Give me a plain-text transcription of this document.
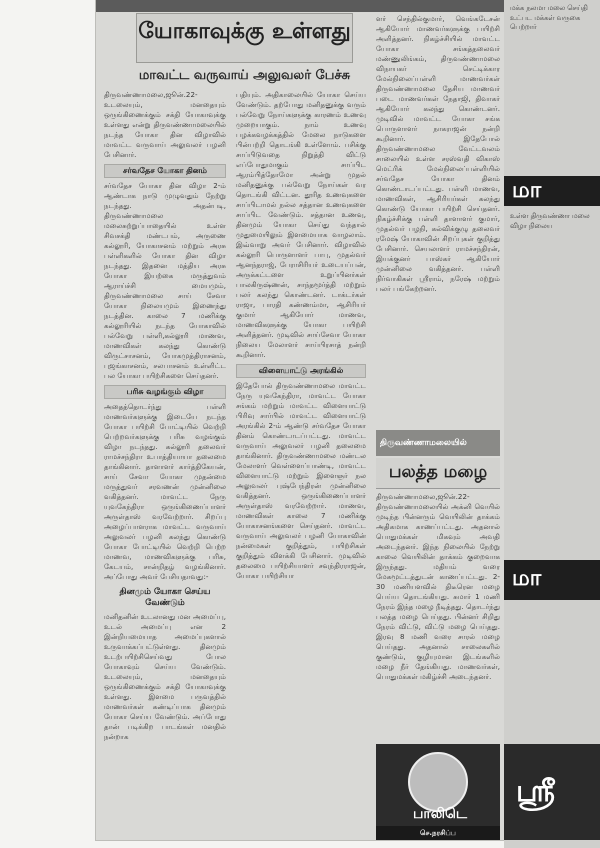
யோகாவுக்கு உள்ளது
மாவட்ட வருவாய் அலுவலர் பேச்சு

திருவண்ணாமலை,ஜூன்.22- உடலையும், மனதையும் ஒருங்கிணைக்கும் சக்தி யோகாவுக்கு உள்ளது என்று திருவண்ணாமலையில் நடந்த யோகா தின விழாவில் மாவட்ட வருவாய் அலுவலர் பழனி பேசினார்.

சர்வதேச யோகா தினம்

சர்வதேச யோகா தின விழா 2-ம் ஆண்டாக நாடு முழுவதும் நேற்று நடந்தது. அதன்படி, திருவண்ணாமலை மலைசுற்றுப்பாதையில் உள்ள சிவசக்தி மண்டபம், அருணை கல்லூரி, யோகாசனம் மற்றும் அரசு பள்ளிகளில் யோகா தின விழா நடந்தது. இதனை மத்திய அரசு யோகா இயற்கை மருத்துவம் ஆராய்ச்சி மையமும், திருவண்ணாமலை சாய் சேவா யோகா நிலையமும் இணைந்து நடத்தின. காலை 7 மணிக்கு கல்லூரியில் நடந்த யோகாவில் பல்வேறு பள்ளி,கல்லூரி மாணவ, மாணவிகள் கலந்து கொண்டு விருட்சாசனம், யோகமுத்திராசனம், புஜங்காசனம், சலபாசனம் உள்ளிட்ட பல யோகா பயிற்சிகளை செய்தனர்.

பரிசு வழங்கும் விழா

அதைத்தொடர்ந்து பள்ளி மாணவர்களுக்கு இடையே நடந்த யோகா பயிற்சி போட்டியில் வெற்றி பெற்றவர்களுக்கு பரிசு வழங்கும் விழா நடந்தது. கல்லூரி தலைவர் ராமச்சந்திரா உபாத்தியாயா தலைமை தாங்கினார். தாளாளர் கார்த்திகேயன், சாய் சேவா யோகா முதன்மை மருத்துவர் சரவணன் முன்னிலை வகித்தனர். மாவட்ட நேரு யுவகேந்திரா ஒருங்கிணைப்பாளர் அருள்தாஸ் வரவேற்றார். சிறப்பு அழைப்பாளராக மாவட்ட வருவாய் அலுவலர் பழனி கலந்து கொண்டு யோகா போட்டியில் வெற்றி பெற்ற மாணவ, மாணவிகளுக்கு பரிசு, கேடயம், சான்றிதழ் வழங்கினார். அப்போது அவர் பேசியதாவது:-

தினமும் யோகா செய்ய வேண்டும்

மனிதனின் உடலானது மன அமைப்பு, உடல் அமைப்பு என 2 இன்றியமையாத அமைப்புகளால் உருவாக்கப்பட்டுள்ளது. தினமும் உடற்பயிற்சிசெய்வது போல யோகாவும் செய்ய வேண்டும். உடலையும், மனதையும் ஒருங்கிணைக்கும் சக்தி யோகாவுக்கு உள்ளது. இளமை பருவத்தில் மாணவர்கள் கண்டிப்பாக தினமும் யோகா செய்ய வேண்டும். அப்போது தான் படிக்கிற பாடங்கள் மனதில் நன்றாக

பதியும். அதிகாலையில் யோகா செய்ய வேண்டும். தற்போது மனிதனுக்கு வரும் பல்வேறு நோய்களுக்கு காரணம் உணவு முறையாகும். நாம் உணவு பழக்கவழக்கத்தில் மேலை நாடுகளை பின்பற்றி தொடங்கி உள்ளோம். பசிக்கு சாப்பிடுவதை நிறுத்தி விட்டு எப்போதுமாகும் சாப்பிட ஆரம்பித்தோமோ அன்று முதல் மனிதனுக்கு பல்வேறு நோய்கள் வர தொடங்கி விட்டன. தூரித உணவுகளை சாப்பிடாமல் நல்ல சத்தான உணவுகளை சாப்பிட வேண்டும். சத்தான உணவு, தினமும் யோகா செய்து வந்தால் முதுமையிலும் இளமையாக வாழலாம். இவ்வாறு அவர் பேசினார். விழாவில் கல்லூரி பொருளாளர் பாபு, முதல்வர் ஆனந்தராஜ், பேராசிரியர் உடையப்பன், அருக்கட்டளை உறுப்பினர்கள் பாலகிருஷ்ணன், சாந்தமூர்த்தி மற்றும் பலர் கலந்து கொண்டனர். டாக்டர்கள் ராஜா, பாரதி கண்ணம்மா, ஆசிரியர் குமார் ஆகியோர் மாணவ, மாணவிகளுக்கு யோகா பயிற்சி அளித்தனர். முடிவில் சாய்சேவா யோகா நிலைய மேலாளர் சாய்பிரசாத் நன்றி கூறினார்.

விளையாட்டு அரங்கில்

இதேபோல் திருவண்ணாமலை மாவட்ட நேரு யுவகேந்திரா, மாவட்ட யோகா சங்கம் மற்றும் மாவட்ட விளையாட்டு பிரிவு சார்பில் மாவட்ட விளையாட்டு அரங்கில் 2-ம் ஆண்டு சர்வதேச யோகா தினம் கொண்டாடப்பட்டது. மாவட்ட வருவாய் அலுவலர் பழனி தலைமை தாங்கினார். திருவண்ணாமலை மண்டல மேலாளர் வெள்ளைப்பாண்டி, மாவட்ட விளையாட்டு மற்றும் இளைஞர் நல அலுவலர் புஷ்பேந்திரன் முன்னிலை வகித்தனர். ஒருங்கிணைப்பாளர் அருள்தாஸ் வரவேற்றார். மாணவ, மாணவிகள் காலை 7 மணிக்கு யோகாசனங்களை செய்தனர். மாவட்ட வருவாய் அலுவலர் பழனி யோகாவின் நன்மைகள் குறித்தும், பயிற்சிகள் குறித்தும் விளக்கி பேசினார். முடிவில் தலைமை பயிற்சியாளர் சவுந்திரராஜன், யோகா பயிற்சியா

ளர் செந்தில்குமார், வெங்கடேசன் ஆகியோர் மாணவர்களுக்கு பயிற்சி அளித்தனர். நிகழ்ச்சியில் மாவட்ட யோகா சங்கத்தலைவர் மண்ணுலிங்கம், திருவண்ணாமலை விநாயகர் செட்டிக்கார மேல்நிலைப்பள்ளி மாணவர்கள் திருவண்ணாமலை தேசிய மாணவர் படை மாணவர்கள் நேதாஜி, திவாகர் ஆகியோர் கலந்து கொண்டனர். முடிவில் மாவட்ட யோகா சங்க பொருளாளர் நாகராஜன் நன்றி கூறினார். இதேபோல் திருவண்ணாமலை வேட்டவலம் சாலையில் உள்ள சரஸ்வதி விகாஸ் மெட்ரிக் மேல்நிலைப்பள்ளியில் சர்வதேச யோகா தினம் கொண்டாடப்பட்டது. பள்ளி மாணவ, மாணவிகள், ஆசிரியர்கள் கலந்து கொண்டு யோகா பயிற்சி செய்தனர். நிகழ்ச்சிக்கு பள்ளி தாளாளர் குமார், முதல்வர் பழநி, கல்விக்குழு தலைவர் ரமேஷ் யோகாவின் சிறப்புகள் குறித்து பேசினார். செயலாளர் ராமச்சந்திரன், இயக்குனர் பாஸ்கர் ஆகியோர் முன்னிலை வகித்தனர். பள்ளி நிர்வாகிகள் ஸ்ரீராம், நரேஷ் மற்றும் பலர் பங்கேற்றனர்.

திருவண்ணாமலையில்
பலத்த மழை

திருவண்ணாமலை,ஜூன்.22- திருவண்ணாமலையில் அக்னி வெயில் முடிந்த பின்னரும் வெயிலின் தாக்கம் அதிகமாக காணப்பட்டது. அதனால் பொதுமக்கள் மிகவும் அவதி அடைந்தனர். இந்த நிலையில் நேற்று காலை வெயிலின் தாக்கம் குறைவாக இருந்தது. மதியம் வரை மேகமூட்டத்துடன் காணப்பட்டது. 2-30 மணியளவில் திடீரென மழை பெய்ய தொடங்கியது. சுமார் 1 மணி நேரம் இந்த மழை நீடித்தது. தொடர்ந்து பலத்த மழை பெய்தது. பின்னர் சிறிது நேரம் விட்டு, விட்டு மழை பெய்தது. இரவு 8 மணி வரை சாரல் மழை பெய்தது. அதனால் சாலைகளில் குண்டும், குழியுமான இடங்களில் மழை நீர் தேங்கியது. மாணவர்கள், பொதுமக்கள் மகிழ்ச்சி அடைந்தனர்.

பாலிடெ
செ.நரசிப்ப
மக்க நலமா மலை செய்தி உட்பட மக்கள் வருகை பெற்றார்
மா
உள்ள திருவண்ணா மலை விழா நிலைய
மா
ஸ்ரீ
